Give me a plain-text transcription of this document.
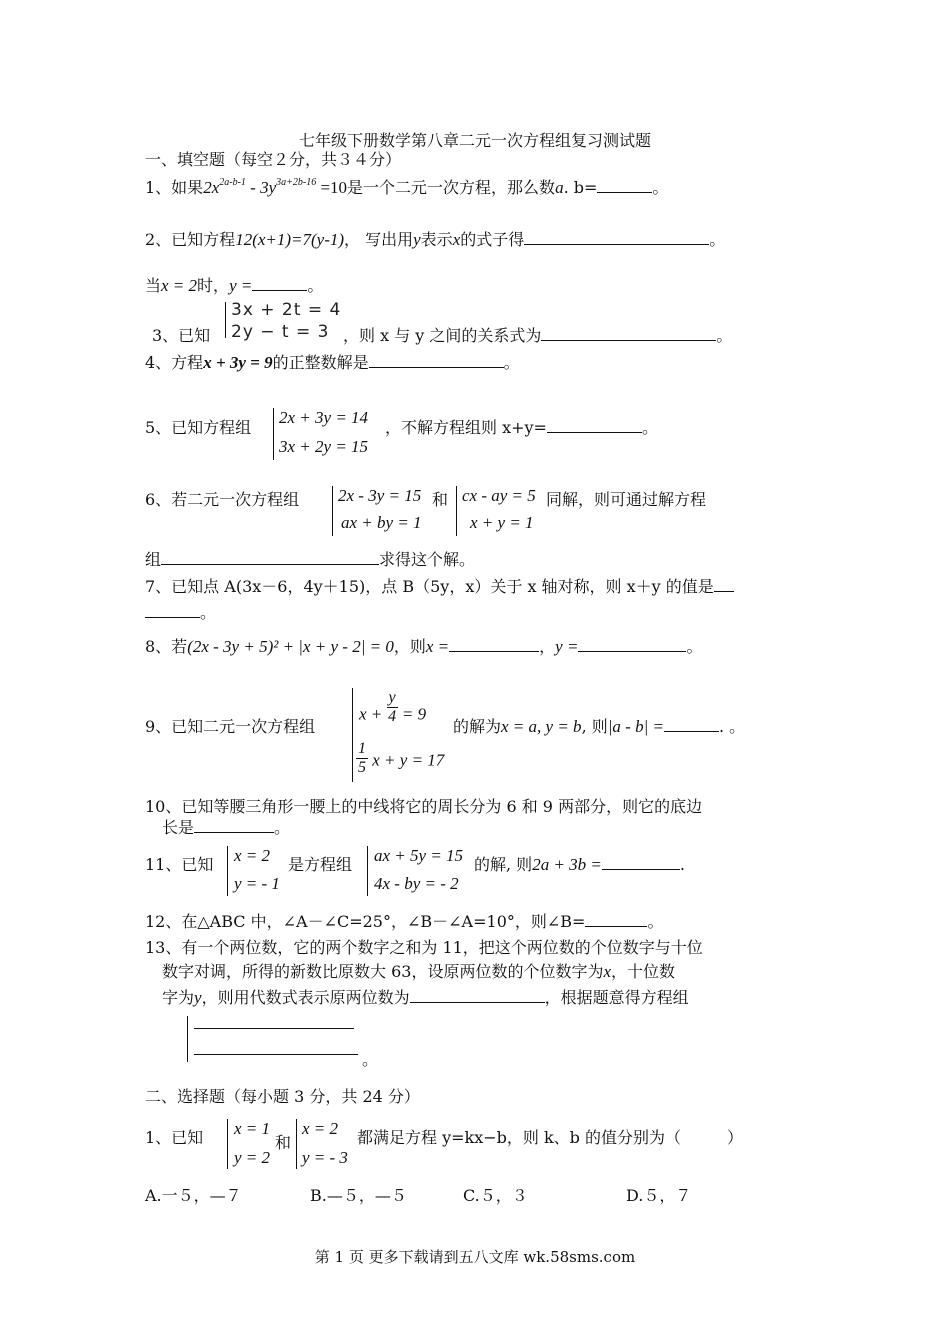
七年级下册数学第八章二元一次方程组复习测试题
一、填空题（每空２分，共３４分）
1、如果$2x^{2a-b-1} - 3y^{3a+2b-16} =10$是一个二元一次方程，那么数a. b=	。
2、已知方程12(x+1)=7(y-1)， 写出用y表示x的式子得	。
当x = 2时，y =	。
3x + 2t = 4
2y − t = 3
3、已知	，则 x 与 y 之间的关系式为	。
4、方程x + 3y = 9的正整数解是	。
5、已知方程组
2x + 3y = 14
3x + 2y = 15
，不解方程组则 x+y=	。
6、若二元一次方程组 2x - 3y = 15
ax + by = 1
和 cx - ay = 5
x + y = 1
同解，则可通过解方程
组	求得这个解。
7、已知点 A(3x－6，4y＋15)，点 B（5y，x）关于 x 轴对称，则 x＋y 的值是
。
8、若(2x - 3y + 5)² + |x + y - 2| = 0，则x =	，y =	。
9、已知二元一次方程组
$x + \frac{y}{4} = 9$
$\frac{1}{5}$ x + y = 17
的解为x = a, y = b, 则|a - b| =	. 。
10、已知等腰三角形一腰上的中线将它的周长分为 6 和 9 两部分，则它的底边
长是	。
11、已知 x = 2
y = - 1
是方程组 ax + 5y = 15
4x - by = - 2
的解, 则2a + 3b =	.
12、在△ABC 中，∠A－∠C=25°，∠B－∠A=10°，则∠B=	。
13、有一个两位数，它的两个数字之和为 11，把这个两位数的个位数字与十位
数字对调，所得的新数比原数大 63，设原两位数的个位数字为x，十位数
字为y，则用代数式表示原两位数为	，根据题意得方程组
。
二、选择题（每小题 3 分，共 24 分）
1、已知 x = 1
y = 2
和
x = 2
y = - 3
都满足方程 y=kx−b，则 k、b 的值分别为（	）
A.一５，—７	B.—５，—５	C.５，３	D.５，７
第 1 页 更多下载请到五八文库 wk.58sms.com
